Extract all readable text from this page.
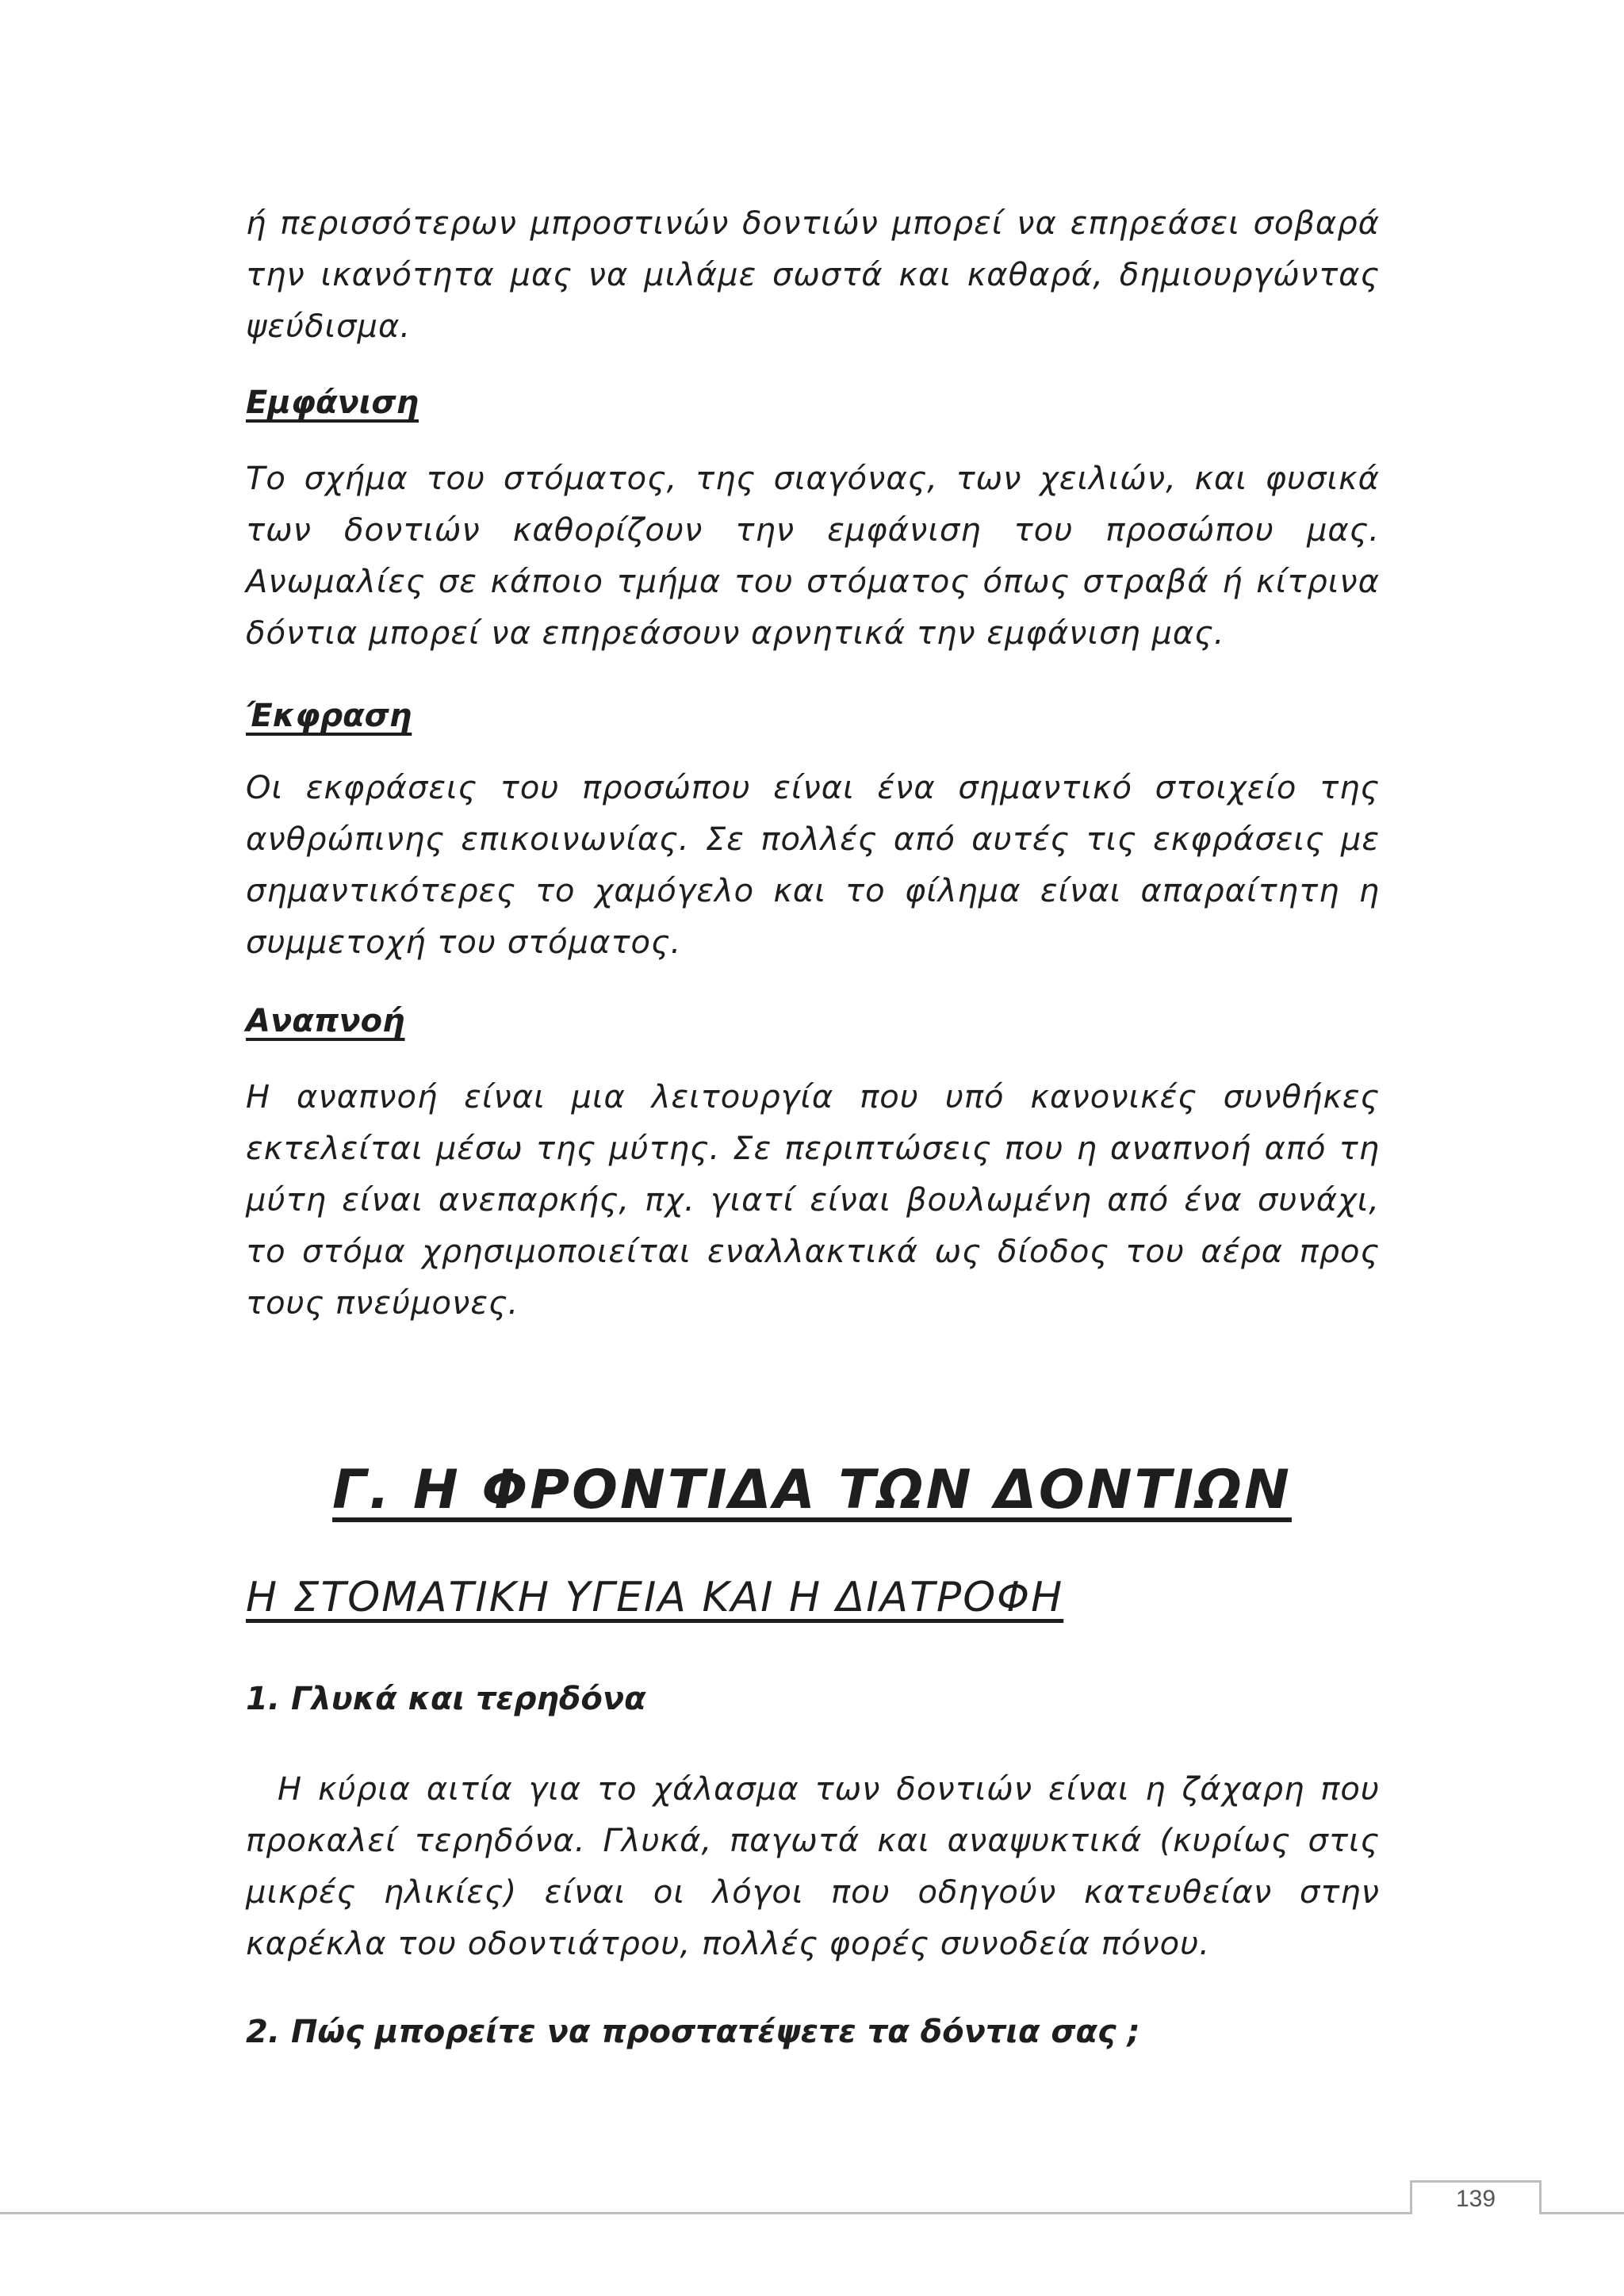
ή περισσότερων μπροστινών δοντιών μπορεί να επηρεάσει σοβαρά την ικανότητα μας να μιλάμε σωστά και καθαρά, δημιουργώντας ψεύδισμα.

Εμφάνιση

Το σχήμα του στόματος, της σιαγόνας, των χειλιών, και φυσικά των δοντιών καθορίζουν την εμφάνιση του προσώπου μας. Ανωμαλίες σε κάποιο τμήμα του στόματος όπως στραβά ή κίτρινα δόντια μπορεί να επηρεάσουν αρνητικά την εμφάνιση μας.

Έκφραση

Οι εκφράσεις του προσώπου είναι ένα σημαντικό στοιχείο της ανθρώπινης επικοινωνίας. Σε πολλές από αυτές τις εκφράσεις με σημαντικότερες το χαμόγελο και το φίλημα είναι απαραίτητη η συμμετοχή του στόματος.

Αναπνοή

Η αναπνοή είναι μια λειτουργία που υπό κανονικές συνθήκες εκτελείται μέσω της μύτης. Σε περιπτώσεις που η αναπνοή από τη μύτη είναι ανεπαρκής, πχ. γιατί είναι βουλωμένη από ένα συνάχι, το στόμα χρησιμοποιείται εναλλακτικά ως δίοδος του αέρα προς τους πνεύμονες.

Γ. Η ΦΡΟΝΤΙΔΑ ΤΩΝ ΔΟΝΤΙΩΝ

Η ΣΤΟΜΑΤΙΚΗ ΥΓΕΙΑ ΚΑΙ Η ΔΙΑΤΡΟΦΗ

1. Γλυκά και τερηδόνα

Η κύρια αιτία για το χάλασμα των δοντιών είναι η ζάχαρη που προκαλεί τερηδόνα. Γλυκά, παγωτά και αναψυκτικά (κυρίως στις μικρές ηλικίες) είναι οι λόγοι που οδηγούν κατευθείαν στην καρέκλα του οδοντιάτρου, πολλές φορές συνοδεία πόνου.

2. Πώς μπορείτε να προστατέψετε τα δόντια σας ;

139
